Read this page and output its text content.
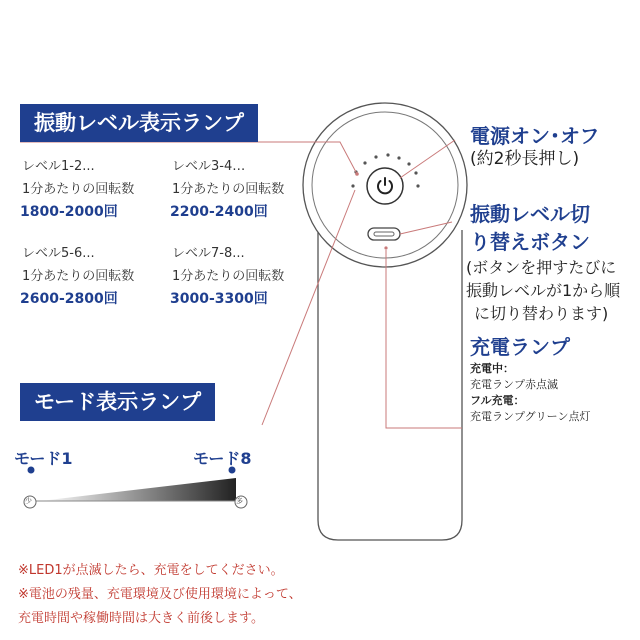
振動レベル表示ランプ
モード表示ランプ
レベル1-2...
1分あたりの回転数
1800-2000回
レベル3-4…
1分あたりの回転数
2200-2400回
レベル5-6...
1分あたりの回転数
2600-2800回
レベル7-8...
1分あたりの回転数
3000-3300回
電源オン･オフ
(約2秒長押し)
振動レベル切
り替えボタン
(ボタンを押すたびに
振動レベルが1から順
に切り替わります)
充電ランプ
充電中：
充電ランプ赤点滅
フル充電：
充電ランプグリーン点灯
モード1	モード8
少	多
※LED1が点滅したら、充電をしてください。
※電池の残量、充電環境及び使用環境によって、
充電時間や稼働時間は大きく前後します。
